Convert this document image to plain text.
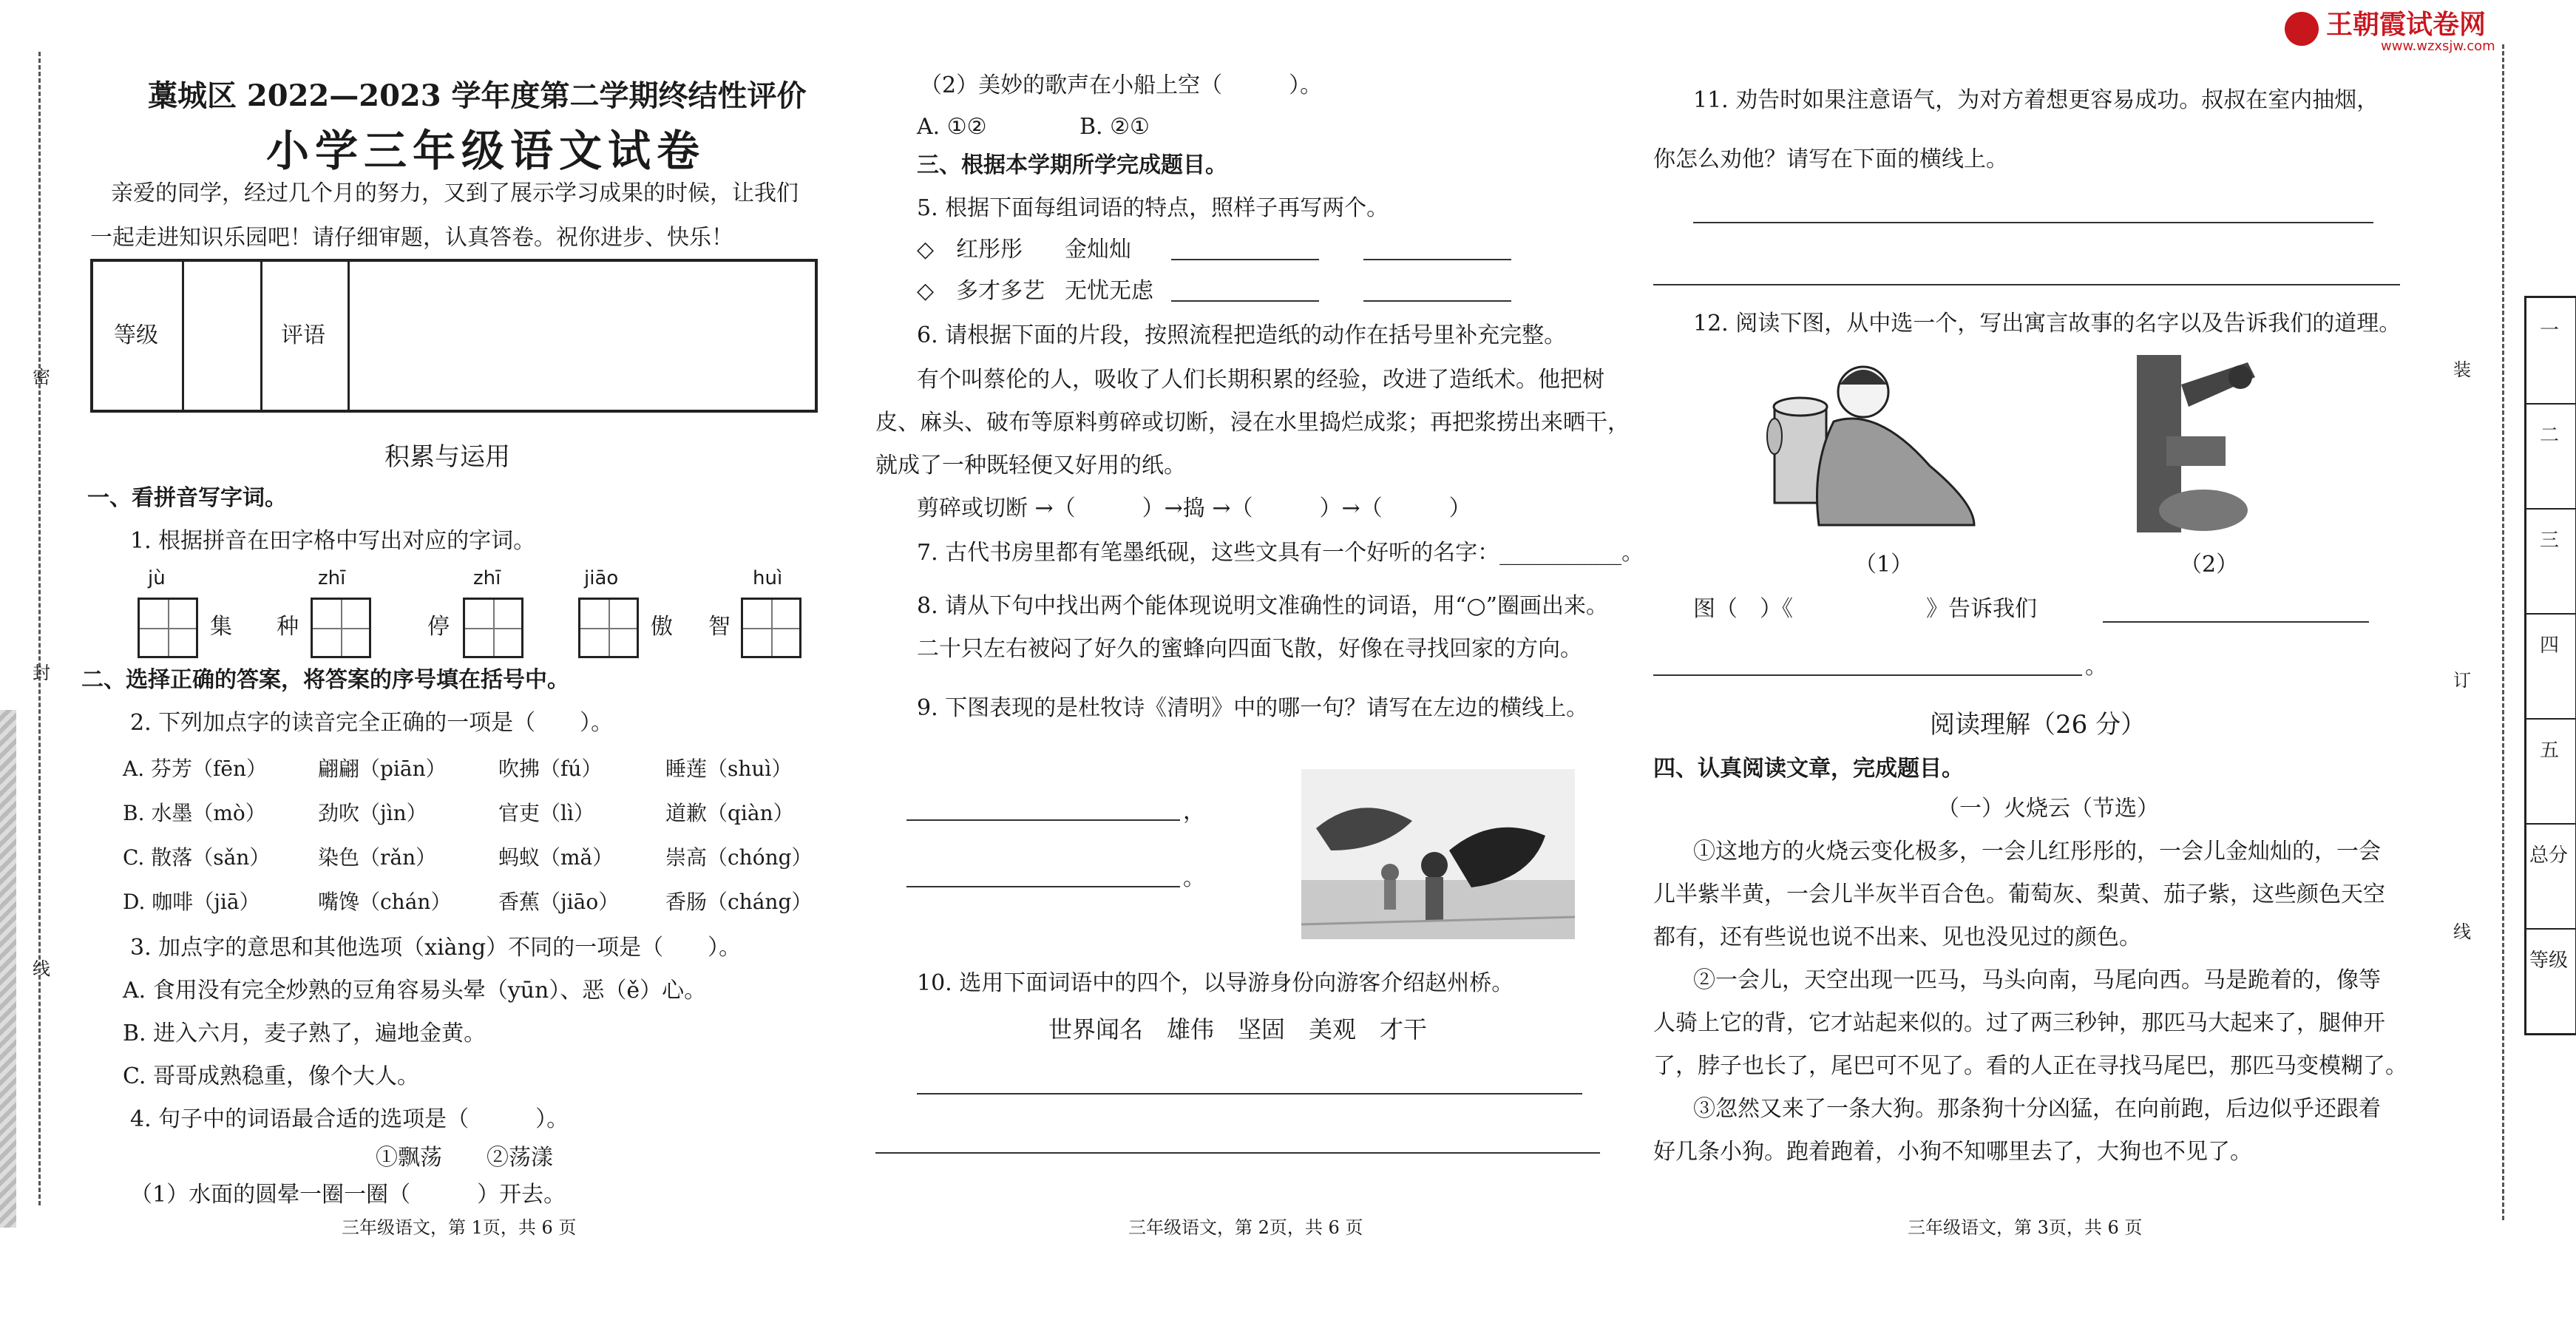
密
封
线
王朝霞试卷网
www.wzxsjw.com
藁城区 2022—2023 学年度第二学期终结性评价
小学三年级语文试卷
亲爱的同学，经过几个月的努力，又到了展示学习成果的时候，让我们
一起走进知识乐园吧！请仔细审题，认真答卷。祝你进步、快乐！
等级	评语
积累与运用
一、看拼音写字词。
1. 根据拼音在田字格中写出对应的字词。
jù	zhī	zhī	jiāo	huì
集 种	停	傲 智
二、选择正确的答案，将答案的序号填在括号中。
2. 下列加点字的读音完全正确的一项是（　　）。
A. 芬芳（fēn） 翩翩（piān）	吹拂（fú）	睡莲（shuì）
B. 水墨（mò）	劲吹（jìn）	官吏（lì）	道歉（qiàn）
C. 散落（sǎn） 染色（rǎn）	蚂蚁（mǎ）	崇高（chóng）
D. 咖啡（jiā）	嘴馋（chán） 香蕉（jiāo） 香肠（cháng）
3. 加点字的意思和其他选项（xiàng）不同的一项是（　　）。
A. 食用没有完全炒熟的豆角容易头晕（yūn）、恶（ě）心。
B. 进入六月，麦子熟了，遍地金黄。
C. 哥哥成熟稳重，像个大人。
4. 句子中的词语最合适的选项是（　　　）。
①飘荡　　②荡漾
（1）水面的圆晕一圈一圈（　　　）开去。
三年级语文，第 1页，共 6 页
（2）美妙的歌声在小船上空（　　　）。
A. ①②	B. ②①
三、根据本学期所学完成题目。
5. 根据下面每组词语的特点，照样子再写两个。
◇　红彤彤 金灿灿
◇　多才多艺 无忧无虑
6. 请根据下面的片段，按照流程把造纸的动作在括号里补充完整。
有个叫蔡伦的人，吸收了人们长期积累的经验，改进了造纸术。他把树
皮、麻头、破布等原料剪碎或切断，浸在水里捣烂成浆；再把浆捞出来晒干，
就成了一种既轻便又好用的纸。
剪碎或切断 →（　　　）→捣 →（　　　）→（　　　）
7. 古代书房里都有笔墨纸砚，这些文具有一个好听的名字：___________。
8. 请从下句中找出两个能体现说明文准确性的词语，用“○”圈画出来。
二十只左右被闷了好久的蜜蜂向四面飞散，好像在寻找回家的方向。
9. 下图表现的是杜牧诗《清明》中的哪一句？请写在左边的横线上。
，
。
10. 选用下面词语中的四个，以导游身份向游客介绍赵州桥。
世界闻名　雄伟　坚固　美观　才干
三年级语文，第 2页，共 6 页
11. 劝告时如果注意语气，为对方着想更容易成功。叔叔在室内抽烟，
你怎么劝他？请写在下面的横线上。
12. 阅读下图，从中选一个，写出寓言故事的名字以及告诉我们的道理。
（1）	（2）
图（　）《　　　　　　》告诉我们
。
阅读理解（26 分）
四、认真阅读文章，完成题目。
（一）火烧云（节选）
①这地方的火烧云变化极多，一会儿红彤彤的，一会儿金灿灿的，一会
儿半紫半黄，一会儿半灰半百合色。葡萄灰、梨黄、茄子紫，这些颜色天空
都有，还有些说也说不出来、见也没见过的颜色。
②一会儿，天空出现一匹马，马头向南，马尾向西。马是跪着的，像等
人骑上它的背，它才站起来似的。过了两三秒钟，那匹马大起来了，腿伸开
了，脖子也长了，尾巴可不见了。看的人正在寻找马尾巴，那匹马变模糊了。
③忽然又来了一条大狗。那条狗十分凶猛，在向前跑，后边似乎还跟着
好几条小狗。跑着跑着，小狗不知哪里去了，大狗也不见了。
三年级语文，第 3页，共 6 页
装
订
线
一
二
三
四
五
总分
等级
